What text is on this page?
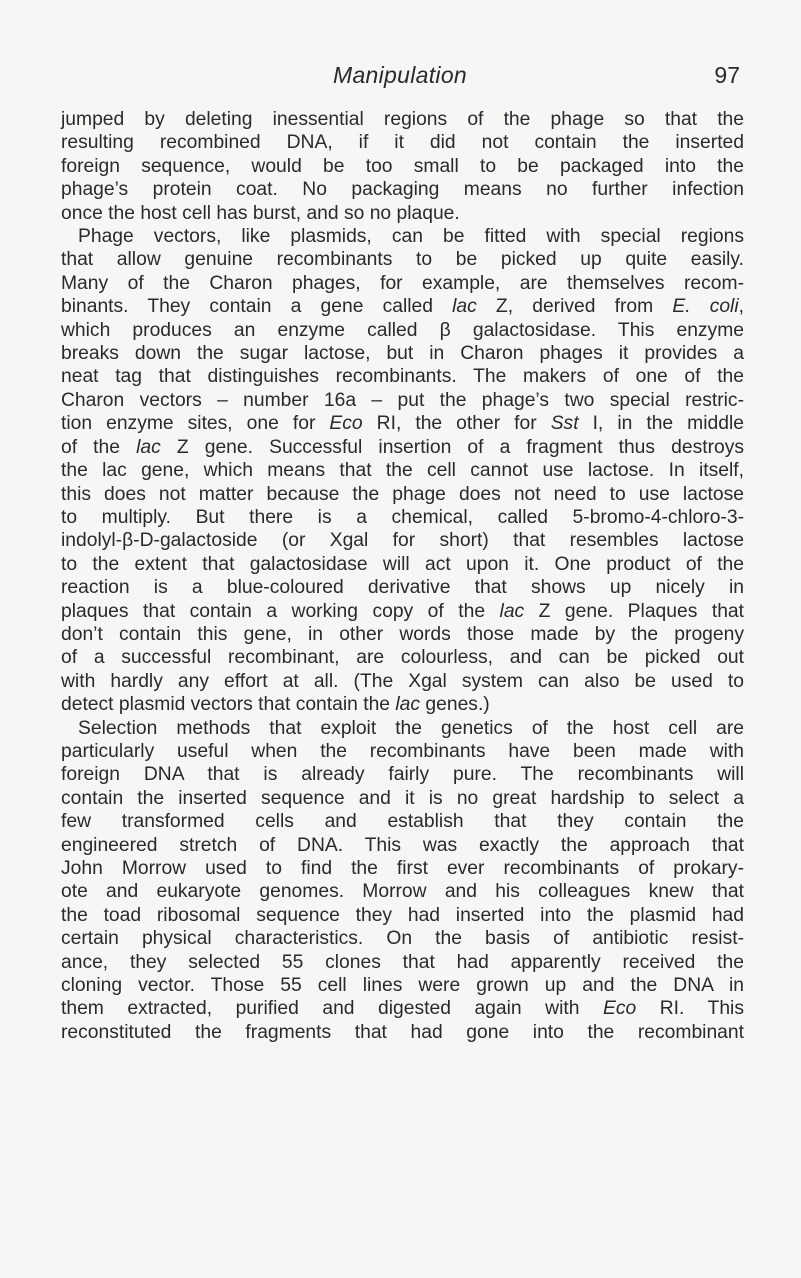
Manipulation	97
jumped by deleting inessential regions of the phage so that the
resulting recombined DNA, if it did not contain the inserted
foreign sequence, would be too small to be packaged into the
phage’s protein coat. No packaging means no further infection
once the host cell has burst, and so no plaque.
Phage vectors, like plasmids, can be fitted with special regions
that allow genuine recombinants to be picked up quite easily.
Many of the Charon phages, for example, are themselves recom-
binants. They contain a gene called lac Z, derived from E. coli,
which produces an enzyme called β galactosidase. This enzyme
breaks down the sugar lactose, but in Charon phages it provides a
neat tag that distinguishes recombinants. The makers of one of the
Charon vectors – number 16a – put the phage’s two special restric-
tion enzyme sites, one for Eco RI, the other for Sst I, in the middle
of the lac Z gene. Successful insertion of a fragment thus destroys
the lac gene, which means that the cell cannot use lactose. In itself,
this does not matter because the phage does not need to use lactose
to multiply. But there is a chemical, called 5-bromo-4-chloro-3-
indolyl-β-D-galactoside (or Xgal for short) that resembles lactose
to the extent that galactosidase will act upon it. One product of the
reaction is a blue-coloured derivative that shows up nicely in
plaques that contain a working copy of the lac Z gene. Plaques that
don’t contain this gene, in other words those made by the progeny
of a successful recombinant, are colourless, and can be picked out
with hardly any effort at all. (The Xgal system can also be used to
detect plasmid vectors that contain the lac genes.)
Selection methods that exploit the genetics of the host cell are
particularly useful when the recombinants have been made with
foreign DNA that is already fairly pure. The recombinants will
contain the inserted sequence and it is no great hardship to select a
few transformed cells and establish that they contain the
engineered stretch of DNA. This was exactly the approach that
John Morrow used to find the first ever recombinants of prokary-
ote and eukaryote genomes. Morrow and his colleagues knew that
the toad ribosomal sequence they had inserted into the plasmid had
certain physical characteristics. On the basis of antibiotic resist-
ance, they selected 55 clones that had apparently received the
cloning vector. Those 55 cell lines were grown up and the DNA in
them extracted, purified and digested again with Eco RI. This
reconstituted the fragments that had gone into the recombinant
